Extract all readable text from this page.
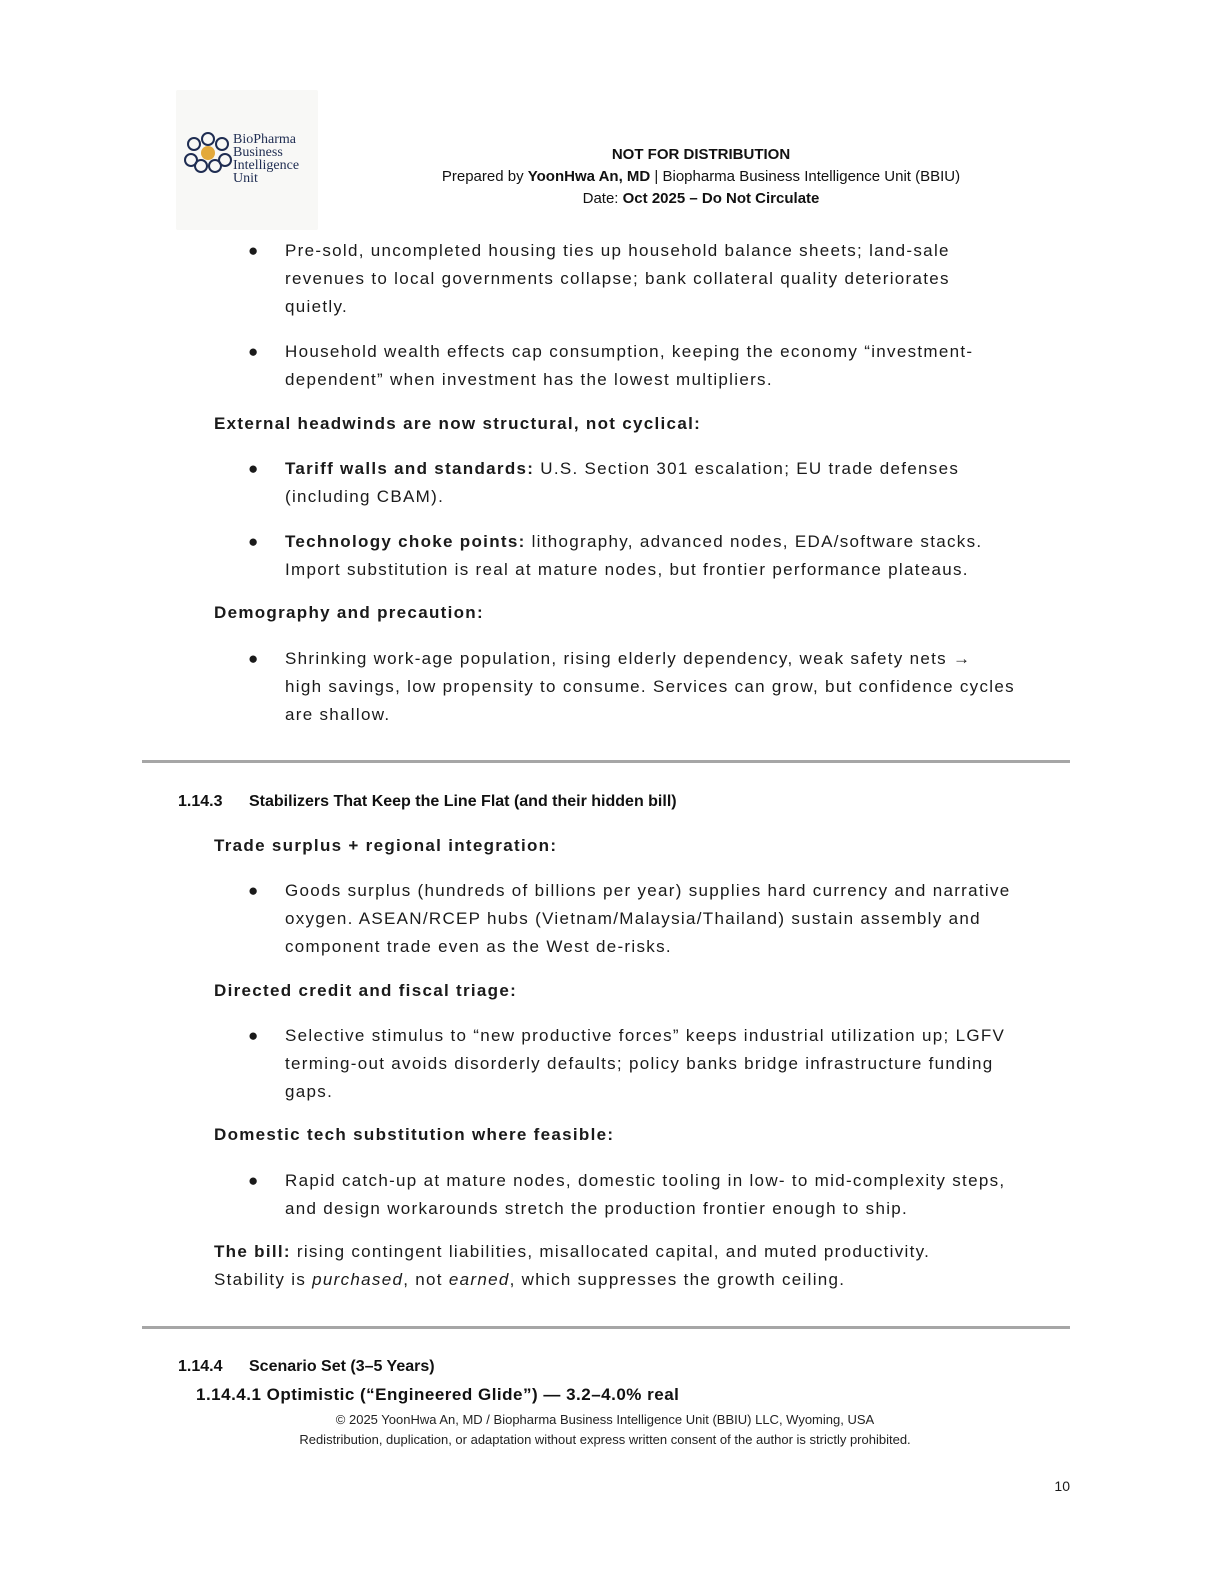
BioPharma
Business
Intelligence
Unit
NOT FOR DISTRIBUTION
Prepared by YoonHwa An, MD | Biopharma Business Intelligence Unit (BBIU)
Date: Oct 2025 – Do Not Circulate
● Pre-sold, uncompleted housing ties up household balance sheets; land-sale
revenues to local governments collapse; bank collateral quality deteriorates
quietly.
● Household wealth effects cap consumption, keeping the economy “investment-
dependent” when investment has the lowest multipliers.
External headwinds are now structural, not cyclical:
● Tariff walls and standards: U.S. Section 301 escalation; EU trade defenses
(including CBAM).
● Technology choke points: lithography, advanced nodes, EDA/software stacks.
Import substitution is real at mature nodes, but frontier performance plateaus.
Demography and precaution:
● Shrinking work-age population, rising elderly dependency, weak safety nets →
high savings, low propensity to consume. Services can grow, but confidence cycles
are shallow.
1.14.3 Stabilizers That Keep the Line Flat (and their hidden bill)
Trade surplus + regional integration:
● Goods surplus (hundreds of billions per year) supplies hard currency and narrative
oxygen. ASEAN/RCEP hubs (Vietnam/Malaysia/Thailand) sustain assembly and
component trade even as the West de-risks.
Directed credit and fiscal triage:
● Selective stimulus to “new productive forces” keeps industrial utilization up; LGFV
terming-out avoids disorderly defaults; policy banks bridge infrastructure funding
gaps.
Domestic tech substitution where feasible:
● Rapid catch-up at mature nodes, domestic tooling in low- to mid-complexity steps,
and design workarounds stretch the production frontier enough to ship.
The bill: rising contingent liabilities, misallocated capital, and muted productivity.
Stability is purchased, not earned, which suppresses the growth ceiling.
1.14.4 Scenario Set (3–5 Years)
1.14.4.1 Optimistic (“Engineered Glide”) — 3.2–4.0% real
© 2025 YoonHwa An, MD / Biopharma Business Intelligence Unit (BBIU) LLC, Wyoming, USA
Redistribution, duplication, or adaptation without express written consent of the author is strictly prohibited.
10
